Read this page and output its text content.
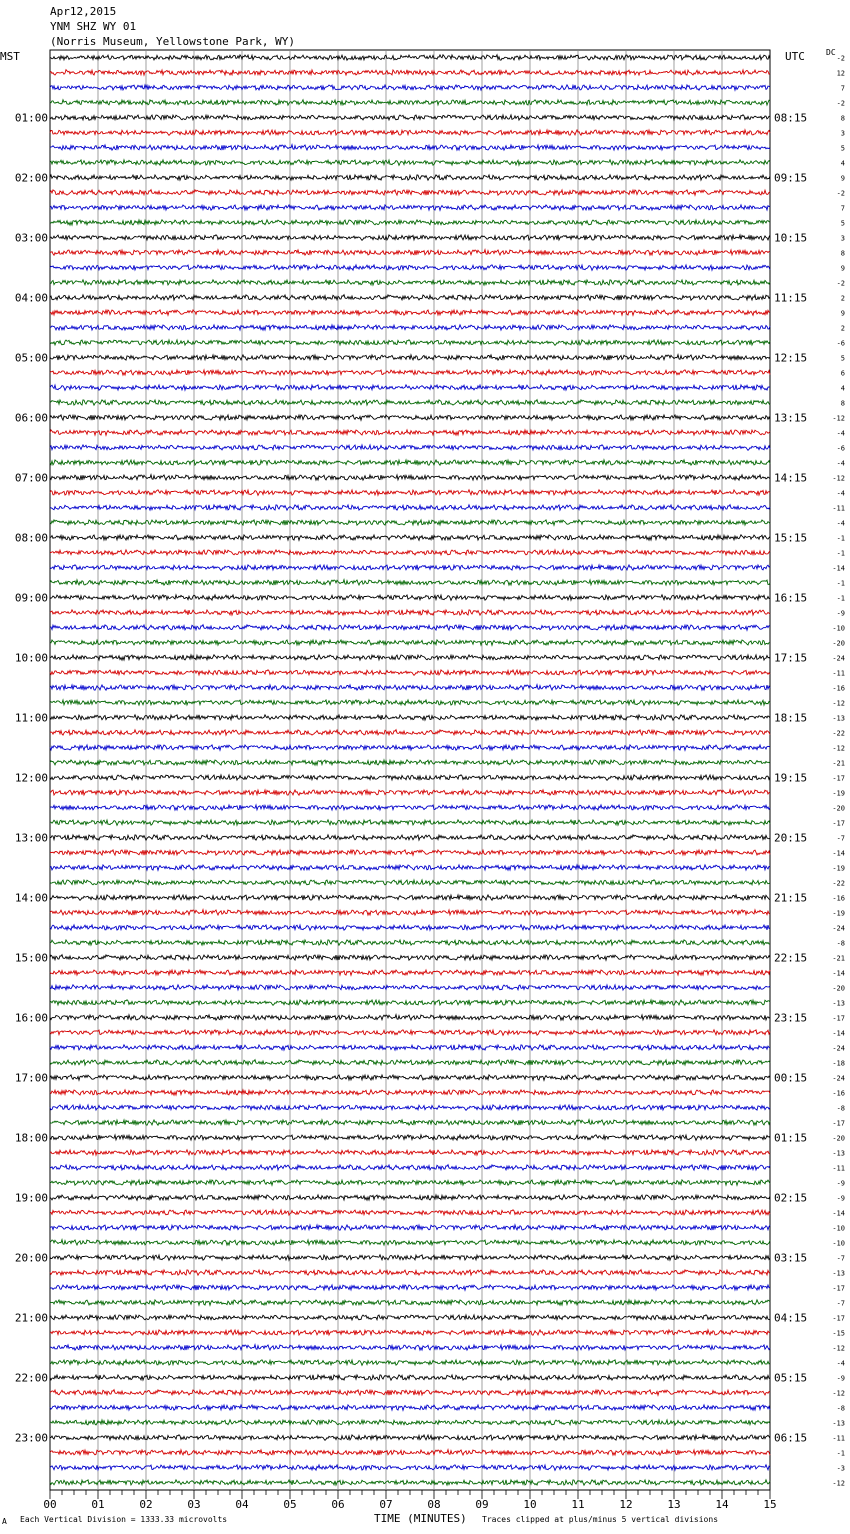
Apr12,2015
YNM SHZ WY 01
(Norris Museum, Yellowstone Park, WY)
MST	UTC	DC
01:00
02:00
03:00
04:00
05:00
06:00
07:00
08:00
09:00
10:00
11:00
12:00
13:00
14:00
15:00
16:00
17:00
18:00
19:00
20:00
21:00
22:00
23:00
08:15
09:15
10:15
11:15
12:15
13:15
14:15
15:15
16:15
17:15
18:15
19:15
20:15
21:15
22:15
23:15
00:15
01:15
02:15
03:15
04:15
05:15
06:15
-2
12
7
-2
8
3
5
4
9
-2
7
5
3
8
9
-2
2
9
2
-6
5
6
4
8
-12
-4
-6
-4
-12
-4
-11
-4
-1
-1
-14
-1
-1
-9
-10
-20
-24
-11
-16
-12
-13
-22
-12
-21
-17
-19
-20
-17
-7
-14
-19
-22
-16
-19
-24
-8
-21
-14
-20
-13
-17
-14
-24
-18
-24
-16
-8
-17
-20
-13
-11
-9
-9
-14
-10
-10
-7
-13
-17
-7
-17
-15
-12
-4
-9
-12
-8
-13
-11
-1
-3
-12
00	01	02	03	04	05	06	07	08	09	10	11	12	13	14	15
A Each Vertical Division = 1333.33 microvolts	TIME (MINUTES) Traces clipped at plus/minus 5 vertical divisions
